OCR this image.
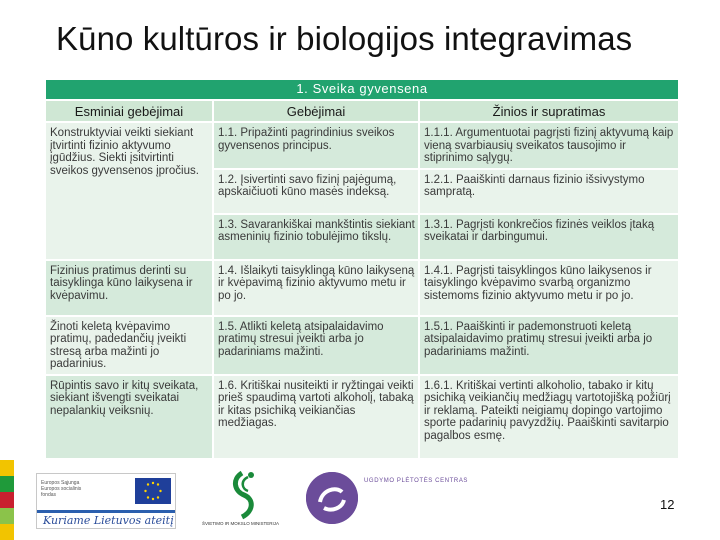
Kūno kultūros ir biologijos integravimas
1. Sveika gyvensena		
Esminiai gebėjimai	Gebėjimai	Žinios ir supratimas
Konstruktyviai veikti siekiant įtvirtinti fizinio aktyvumo įgūdžius. Siekti įsitvirtinti sveikos gyvensenos įpročius.	1.1. Pripažinti pagrindinius sveikos gyvensenos principus.	1.1.1. Argumentuotai pagrįsti fizinį aktyvumą kaip vieną svarbiausių sveikatos tausojimo ir stiprinimo sąlygų.
	1.2. Įsivertinti savo fizinį pajėgumą, apskaičiuoti kūno masės indeksą.	1.2.1. Paaiškinti darnaus fizinio išsivystymo sampratą.
	1.3. Savarankiškai mankštintis siekiant asmeninių fizinio tobulėjimo tikslų.	1.3.1. Pagrįsti konkrečios fizinės veiklos įtaką sveikatai ir darbingumui.
Fizinius pratimus derinti su taisyklinga kūno laikysena ir kvėpavimu.	1.4. Išlaikyti taisyklingą kūno laikyseną ir kvėpavimą fizinio aktyvumo metu ir po jo.	1.4.1. Pagrįsti taisyklingos kūno laikysenos ir taisyklingo kvėpavimo svarbą organizmo sistemoms fizinio aktyvumo metu ir po jo.
Žinoti keletą kvėpavimo pratimų, padedančių įveikti stresą arba mažinti jo padarinius.	1.5. Atlikti keletą atsipalaidavimo pratimų stresui įveikti arba jo padariniams mažinti.	1.5.1. Paaiškinti ir pademonstruoti keletą atsipalaidavimo pratimų stresui įveikti arba jo padariniams mažinti.
Rūpintis savo ir kitų sveikata, siekiant išvengti sveikatai nepalankių veiksnių.	1.6. Kritiškai nusiteikti ir ryžtingai veikti prieš spaudimą vartoti alkoholį, tabaką ir kitas psichiką veikiančias medžiagas.	1.6.1. Kritiškai vertinti alkoholio, tabako ir kitų psichiką veikiančių medžiagų vartotojišką požiūrį ir reklamą. Pateikti neigiamų dopingo vartojimo sporte padarinių pavyzdžių. Paaiškinti savitarpio pagalbos esmę.
Europos Sąjunga Europos socialinis fondas
Kuriame Lietuvos ateitį	ŠVIETIMO IR MOKSLO MINISTERIJA
UGDYMO PLĖTOTĖS CENTRAS
12
